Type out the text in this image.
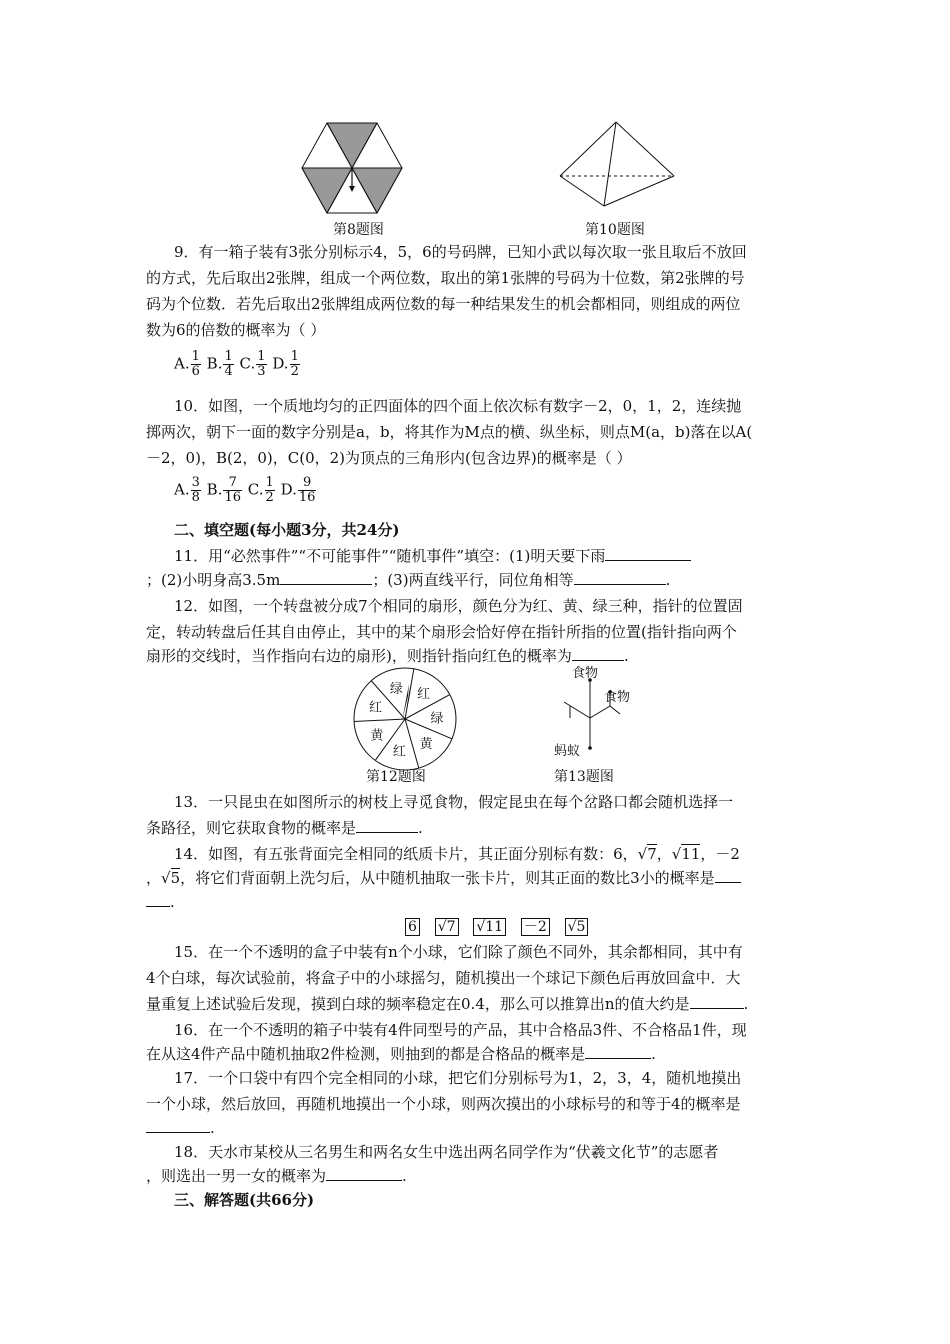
第8题图	第10题图
9．有一箱子装有3张分别标示4，5，6的号码牌，已知小武以每次取一张且取后不放回
的方式，先后取出2张牌，组成一个两位数，取出的第1张牌的号码为十位数，第2张牌的号
码为个位数．若先后取出2张牌组成两位数的每一种结果发生的机会都相同，则组成的两位
数为6的倍数的概率为（ ）
A. $\frac{1}{6} B$. $\frac{1}{4} C$. $\frac{1}{3} D$. $\frac{1}{2}$
10．如图，一个质地均匀的正四面体的四个面上依次标有数字－2，0，1，2，连续抛
掷两次，朝下一面的数字分别是a，b，将其作为M点的横、纵坐标，则点M(a，b)落在以A(
－2，0)，B(2，0)，C(0，2)为顶点的三角形内(包含边界)的概率是（ ）
A. $\frac{3}{8} B$. $\frac{7}{16} C$. $\frac{1}{2} D$. $\frac{9}{16}$
二、填空题(每小题3分，共24分)
11．用“必然事件”“不可能事件”“随机事件”填空：(1)明天要下雨
；(2)小明身高3.5m	；(3)两直线平行，同位角相等	.
12．如图，一个转盘被分成7个相同的扇形，颜色分为红、黄、绿三种，指针的位置固
定，转动转盘后任其自由停止，其中的某个扇形会恰好停在指针所指的位置(指针指向两个
扇形的交线时，当作指向右边的扇形)，则指针指向红色的概率为	.
红
绿
黄
红
黄
红
绿
第12题图
食物
食物
蚂蚁
第13题图
13．一只昆虫在如图所示的树枝上寻觅食物，假定昆虫在每个岔路口都会随机选择一
条路径，则它获取食物的概率是	.
14．如图，有五张背面完全相同的纸质卡片，其正面分别标有数：6，√7，√11，－2
，√5，将它们背面朝上洗匀后，从中随机抽取一张卡片，则其正面的数比3小的概率是
.
6 √7 √11 －2 √5
15．在一个不透明的盒子中装有n个小球，它们除了颜色不同外，其余都相同，其中有
4个白球，每次试验前，将盒子中的小球摇匀，随机摸出一个球记下颜色后再放回盒中．大
量重复上述试验后发现，摸到白球的频率稳定在0.4，那么可以推算出n的值大约是	.
16．在一个不透明的箱子中装有4件同型号的产品，其中合格品3件、不合格品1件，现
在从这4件产品中随机抽取2件检测，则抽到的都是合格品的概率是	.
17．一个口袋中有四个完全相同的小球，把它们分别标号为1，2，3，4，随机地摸出
一个小球，然后放回，再随机地摸出一个小球，则两次摸出的小球标号的和等于4的概率是
.
18．天水市某校从三名男生和两名女生中选出两名同学作为“伏羲文化节”的志愿者
，则选出一男一女的概率为	.
三、解答题(共66分)
